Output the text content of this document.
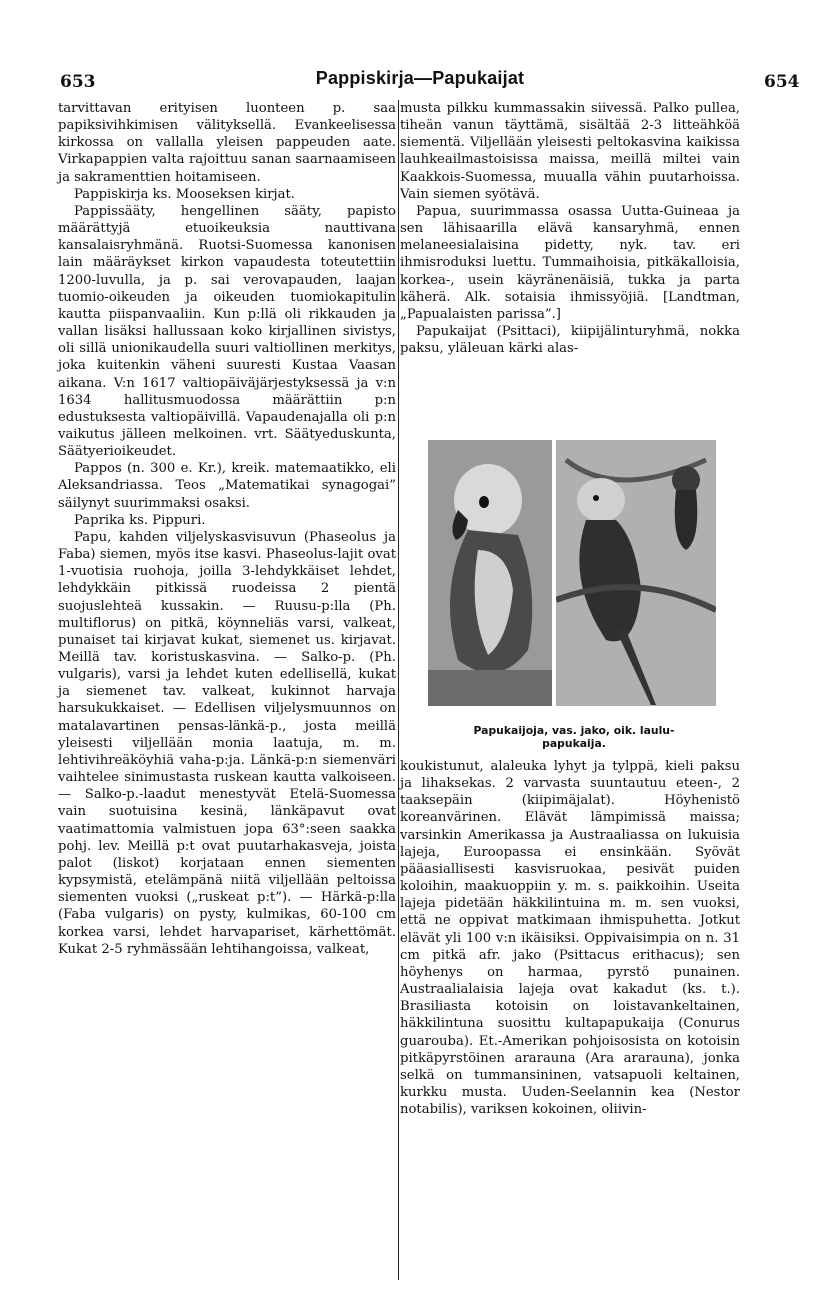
653	Pappiskirja—Papukaijat	654

tarvittavan erityisen luonteen p. saa papiksivihkimisen välityksellä. Evankeelisessa kirkossa on vallalla yleisen pappeuden aate. Virkapappien valta rajoittuu sanan saarnaamiseen ja sakramenttien hoitamiseen.

Pappiskirja ks. Mooseksen kirjat.

Pappissääty, hengellinen sääty, papisto määrättyjä etuoikeuksia nauttivana kansalaisryhmänä. Ruotsi-Suomessa kanonisen lain määräykset kirkon vapaudesta toteutettiin 1200-luvulla, ja p. sai verovapauden, laajan tuomio-oikeuden ja oikeuden tuomiokapitulin kautta piispanvaaliin. Kun p:llä oli rikkauden ja vallan lisäksi hallussaan koko kirjallinen sivistys, oli sillä unionikaudella suuri valtiollinen merkitys, joka kuitenkin väheni suuresti Kustaa Vaasan aikana. V:n 1617 valtiopäiväjärjestyksessä ja v:n 1634 hallitusmuodossa määrättiin p:n edustuksesta valtiopäivillä. Vapaudenajalla oli p:n vaikutus jälleen melkoinen. vrt. Säätyeduskunta, Säätyerioikeudet.

Pappos (n. 300 e. Kr.), kreik. matemaatikko, eli Aleksandriassa. Teos „Matematikai synagogai” säilynyt suurimmaksi osaksi.

Paprika ks. Pippuri.

Papu, kahden viljelyskasvisuvun (Phaseolus ja Faba) siemen, myös itse kasvi. Phaseolus-lajit ovat 1-vuotisia ruohoja, joilla 3-lehdykkäiset lehdet, lehdykkäin pitkissä ruodeissa 2 pientä suojuslehteä kussakin. — Ruusu-p:lla (Ph. multiflorus) on pitkä, köynneliäs varsi, valkeat, punaiset tai kirjavat kukat, siemenet us. kirjavat. Meillä tav. koristuskasvina. — Salko-p. (Ph. vulgaris), varsi ja lehdet kuten edellisellä, kukat ja siemenet tav. valkeat, kukinnot harvaja harsukukkaiset. — Edellisen viljelysmuunnos on matalavartinen pensas-länkä-p., josta meillä yleisesti viljellään monia laatuja, m. m. lehtivihreäköyhiä vaha-p:ja. Länkä-p:n siemenväri vaihtelee sinimustasta ruskean kautta valkoiseen. — Salko-p.-laadut menestyvät Etelä-Suomessa vain suotuisina kesinä, länkäpavut ovat vaatimattomia valmistuen jopa 63°:seen saakka pohj. lev. Meillä p:t ovat puutarhakasveja, joista palot (liskot) korjataan ennen siementen kypsymistä, etelämpänä niitä viljellään peltoissa siementen vuoksi („ruskeat p:t”). — Härkä-p:lla (Faba vulgaris) on pysty, kulmikas, 60-100 cm korkea varsi, lehdet harvapariset, kärhettömät. Kukat 2-5 ryhmässään lehtihangoissa, valkeat,

musta pilkku kummassakin siivessä. Palko pullea, tiheän vanun täyttämä, sisältää 2-3 litteähköä siementä. Viljellään yleisesti peltokasvina kaikissa lauhkeailmastoisissa maissa, meillä miltei vain Kaakkois-Suomessa, muualla vähin puutarhoissa. Vain siemen syötävä.

Papua, suurimmassa osassa Uutta-Guineaa ja sen lähisaarilla elävä kansaryhmä, ennen melaneesialaisina pidetty, nyk. tav. eri ihmisroduksi luettu. Tummaihoisia, pitkäkalloisia, korkea-, usein käyränenäisiä, tukka ja parta käherä. Alk. sotaisia ihmissyöjiä. [Landtman, „Papualaisten parissa”.]

Papukaijat (Psittaci), kiipijälinturyhmä, nokka paksu, yläleuan kärki alas-

Papukaijoja, vas. jako, oik. laulu-
papukaija.

koukistunut, alaleuka lyhyt ja tylppä, kieli paksu ja lihaksekas. 2 varvasta suuntautuu eteen-, 2 taaksepäin (kiipimäjalat). Höyhenistö koreanvärinen. Elävät lämpimissä maissa; varsinkin Amerikassa ja Austraaliassa on lukuisia lajeja, Euroopassa ei ensinkään. Syövät pääasiallisesti kasvisruokaa, pesivät puiden koloihin, maakuoppiin y. m. s. paikkoihin. Useita lajeja pidetään häkkilintuina m. m. sen vuoksi, että ne oppivat matkimaan ihmispuhetta. Jotkut elävät yli 100 v:n ikäisiksi. Oppivaisimpia on n. 31 cm pitkä afr. jako (Psittacus erithacus); sen höyhenys on harmaa, pyrstö punainen. Austraalialaisia lajeja ovat kakadut (ks. t.). Brasiliasta kotoisin on loistavankeltainen, häkkilintuna suosittu kultapapukaija (Conurus guarouba). Et.-Amerikan pohjoisosista on kotoisin pitkäpyrstöinen ararauna (Ara ararauna), jonka selkä on tummansininen, vatsapuoli keltainen, kurkku musta. Uuden-Seelannin kea (Nestor notabilis), variksen kokoinen, oliivin-
